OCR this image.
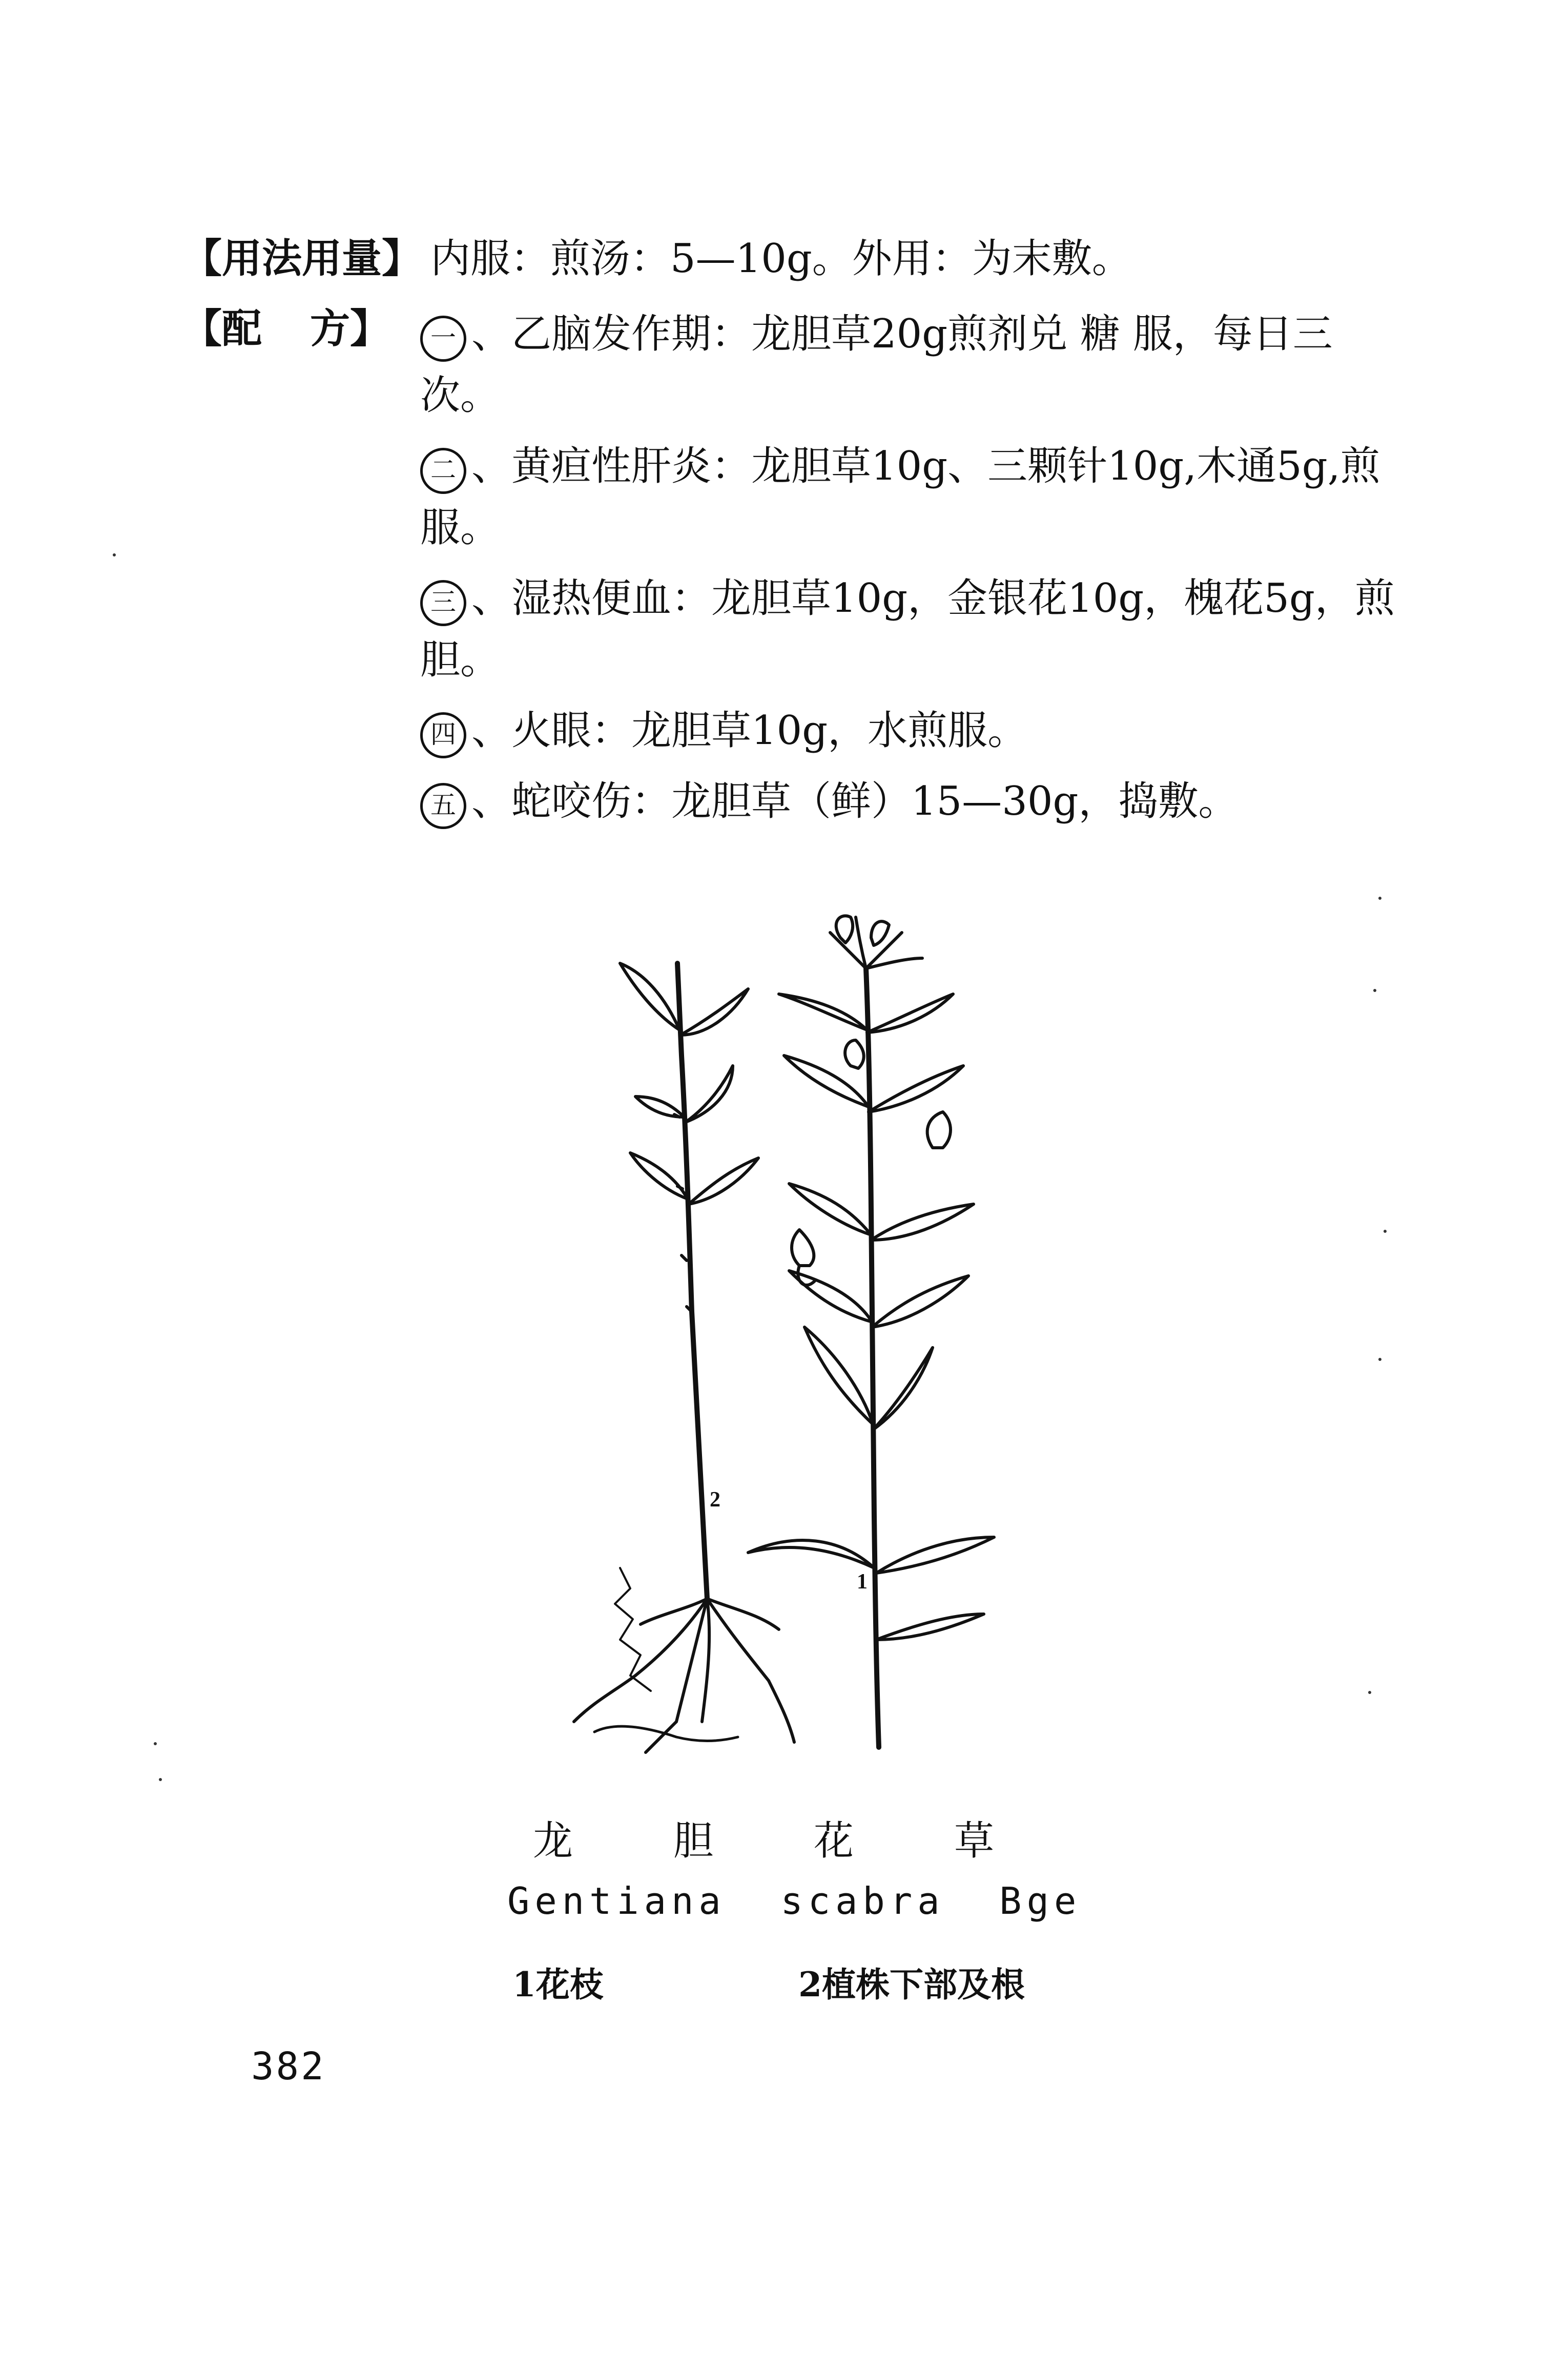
【用法用量】 内服：煎汤：5—10g。外用：为末敷。
【配 方】	一 、乙脑发作期：龙胆草20g煎剂兑 糖 服，每日三次。
二 、黄疸性肝炎：龙胆草10g、三颗针10g,木通5g,煎服。
三 、湿热便血：龙胆草10g，金银花10g，槐花5g，煎胆。
四 、火眼：龙胆草10g，水煎服。
五 、蛇咬伤：龙胆草（鲜）15—30g，捣敷。
2
1
龙	胆	花	草
Gentiana  scabra  Bge
1花枝	2植株下部及根
382
